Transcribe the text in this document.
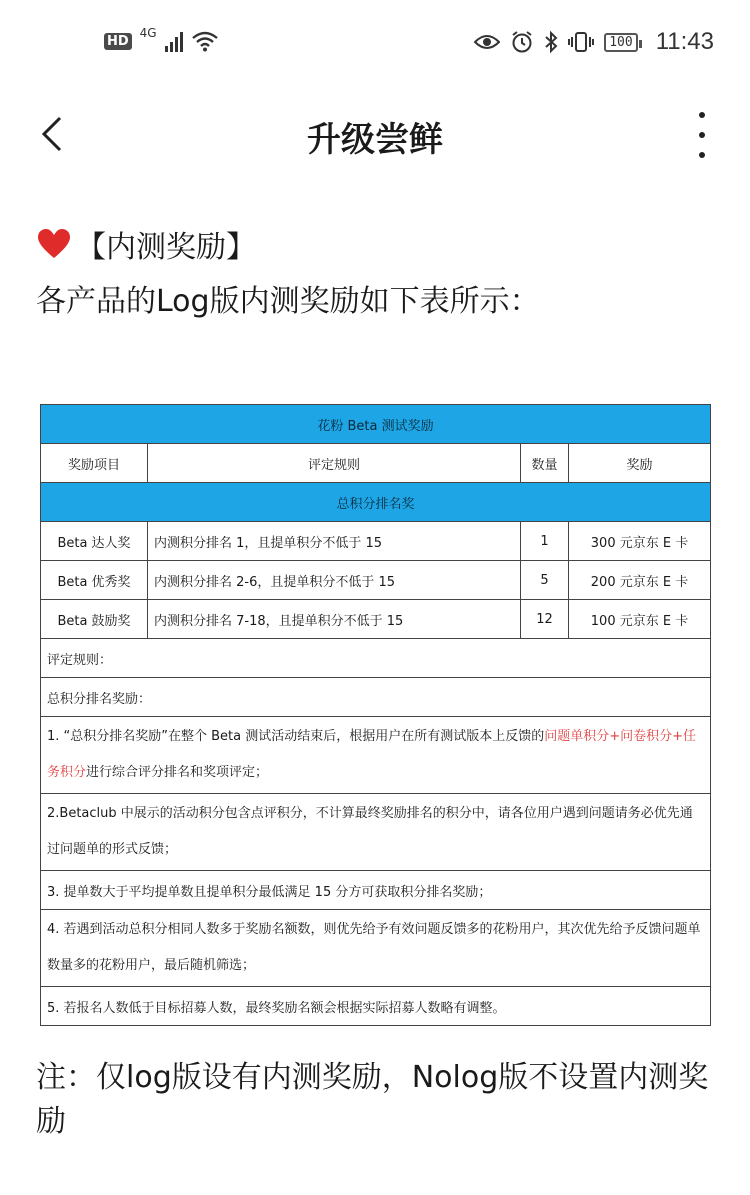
HD
4G
100 11:43
升级尝鲜
【内测奖励】
各产品的Log版内测奖励如下表所示：
花粉 Beta 测试奖励			
奖励项目	评定规则	数量	奖励
总积分排名奖			
Beta 达人奖	内测积分排名 1，且提单积分不低于 15	1	300 元京东 E 卡
Beta 优秀奖	内测积分排名 2-6，且提单积分不低于 15	5	200 元京东 E 卡
Beta 鼓励奖	内测积分排名 7-18，且提单积分不低于 15	12	100 元京东 E 卡
评定规则：			
总积分排名奖励：			
1. “总积分排名奖励”在整个 Beta 测试活动结束后，根据用户在所有测试版本上反馈的问题单积分+问卷积分+任务积分进行综合评分排名和奖项评定；			
2.Betaclub 中展示的活动积分包含点评积分，不计算最终奖励排名的积分中，请各位用户遇到问题请务必优先通过问题单的形式反馈；			
3. 提单数大于平均提单数且提单积分最低满足 15 分方可获取积分排名奖励；			
4. 若遇到活动总积分相同人数多于奖励名额数，则优先给予有效问题反馈多的花粉用户，其次优先给予反馈问题单数量多的花粉用户，最后随机筛选；			
5. 若报名人数低于目标招募人数，最终奖励名额会根据实际招募人数略有调整。			
注：仅log版设有内测奖励，Nolog版不设置内测奖励
